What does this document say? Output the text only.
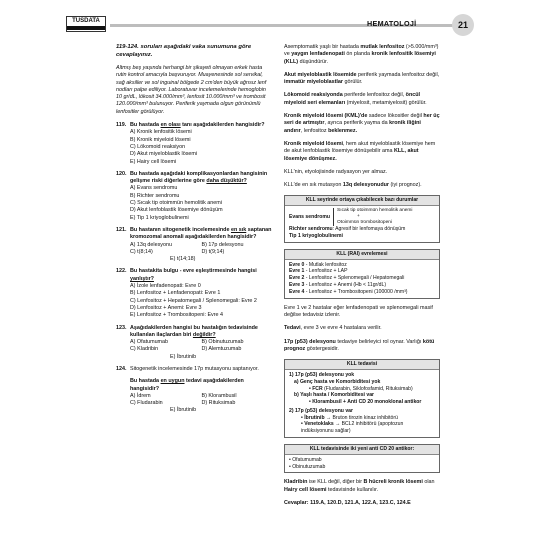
TUSDATA	HEMATOLOJİ	21
119-124. soruları aşağıdaki vaka sunumuna göre cevaplayınız.
Altmış beş yaşında herhangi bir şikayeti olmayan erkek hasta rutin kontrol amacıyla başvuruyor. Muayenesinde sol servikal, sağ aksiller ve sol inguinal bölgede 2 cm'den büyük ağrısız lenf nodları palpe ediliyor. Laboratuvar incelemelerinde hemoglobin 10 gr/dL, lökosit 34.000/mm³, lenfosit 10.000/mm³ ve trombosit 120.000/mm³ bulunuyor. Periferik yaymada olgun görünümlü lenfositler görülüyor.
119. Bu hastada en olası tanı aşağıdakilerden hangisidir?
A) Kronik lenfositik lösemi
B) Kronik miyeloid lösemi
C) Lökomoid reaksiyon
D) Akut miyeloblastik lösemi
E) Hairy cell lösemi
120. Bu hastada aşağıdaki komplikasyonlardan hangisinin gelişme riski diğerlerine göre daha düşüktür?
A) Evans sendromu
B) Richter sendromu
C) Sıcak tip otoimmün hemolitik anemi
D) Akut lenfoblastik lösemiye dönüşüm
E) Tip 1 kriyoglobulinemi
121. Bu hastanın sitogenetik incelemesinde en sık saptanan kromozomal anomali aşağıdakilerden hangisidir?
A) 13q delesyonu	B) 17p delesyonu
C) t(8;14)	D) t(9;14)
E) t(14;18)
122. Bu hastakita bulgu - evre eşleştirmesinde hangisi yanlıştır?
A) İzole lenfadenopati: Evre 0
B) Lenfositoz + Lenfadenopati: Evre 1
C) Lenfositoz + Hepatomegali / Splenomegali: Evre 2
D) Lenfositoz + Anemi: Evre 3
E) Lenfositoz + Trombositopeni: Evre 4
123. Aşağıdakilerden hangisi bu hastalığın tedavisinde kullanılan ilaçlardan biri değildir?
A) Ofatumumab	B) Obinutuzumab
C) Kladribin	D) Alemtuzumab
E) İbrutinib
124. Sitogenetik incelemesinde 17p mutasyonu saptanıyor.
Bu hastada en uygun tedavi aşağıdakilerden hangisidir?
A) İdrem	B) Klorambusil
C) Fludarabin	D) Rituksimab
E) İbrutinib

Asemptomatik yaşlı bir hastada mutlak lenfositoz (>5.000/mm³) ve yaygın lenfadenopati ön planda kronik lenfositik lösemiyi (KLL) düşündürür.

Akut miyeloblastik lösemide periferik yaymada lenfositoz değil, immatür miyeloblastlar görülür.

Lökomoid reaksiyonda periferde lenfositoz değil, öncül miyeloid seri elemanları (miyelosit, metamiyelosit) görülür.

Kronik miyeloid lösemi (KML)'de sadece lökositler değil her üç seri de artmıştır, ayrıca periferik yayma da kronik iliğini andırır, lenfositoz beklenmez.

Kronik miyeloid lösemi, hem akut miyeloblastik lösemiye hem de akut lenfoblastik lösemiye dönüşebilir ama KLL, akut lösemiye dönüşmez.

KLL'nin, etyolojisinde radyasyon yer almaz.

KLL'de en sık mutasyon 13q delesyonudur (iyi prognoz).

KLL seyrinde ortaya çıkabilecek bazı durumlar
Evans sendromu
Sıcak tip otoimmün hemolitik anemi
+
Otoimmün trombositopeni
Richter sendromu: Agresif bir lenfomaya dönüşüm
Tip 1 kriyoglobulinemi
KLL (RAI) evrelemesi
Evre 0 - Mutlak lenfositoz
Evre 1 - Lenfositoz + LAP
Evre 2 - Lenfositoz + Splenomegali / Hepatomegali
Evre 3 - Lenfositoz + Anemi (Hb < 11gr/dL)
Evre 4 - Lenfositoz + Trombositopeni (100000 /mm³)

Evre 1 ve 2 hastalar eğer lenfadenopati ve splenomegali masif değilse tedavisiz izlenir.

Tedavi, evre 3 ve evre 4 hastalara verilir.

17p (p53) delesyonu tedaviye belirleyici rol oynar. Varlığı kötü prognoz göstergesidir.

KLL tedavisi
1) 17p (p53) delesyonu yok
a) Genç hasta ve Komorbiditesi yok
• FCR (Fludarabin, Siklofosfamid, Rituksimab)
b) Yaşlı hasta / Komorbiditesi var
• Klorambusil + Anti CD 20 monoklonal antikor
2) 17p (p53) delesyonu var
• İbrutinib → Bruton tirozin kinaz inhibitörü
• Venetoklaks → BCL2 inhibitörü (apoptozun indüksiyonunu sağlar)
KLL tedavisinde iki yeni anti CD 20 antikor:
• Ofatumumab
• Obinutuzumab

Kladribin ise KLL değil, diğer bir B hücreli kronik lösemi olan Hairy cell lösemi tedavisinde kullanılır.

Cevaplar: 119.A, 120.D, 121.A, 122.A, 123.C, 124.E
